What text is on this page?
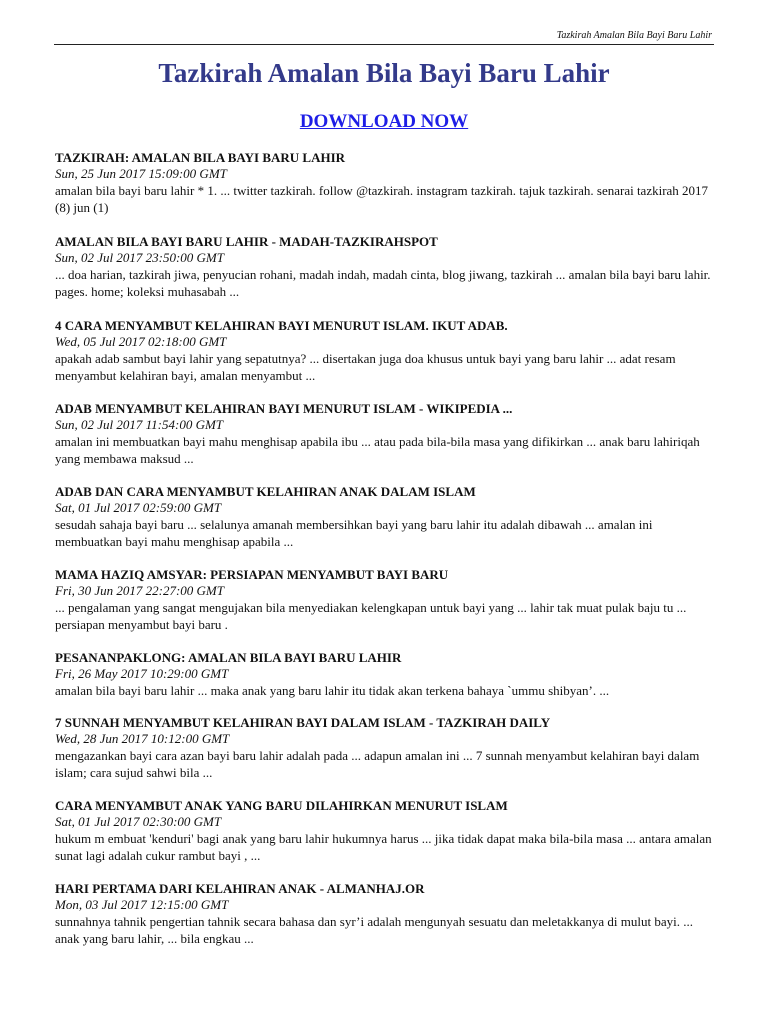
Tazkirah Amalan Bila Bayi Baru Lahir
Tazkirah Amalan Bila Bayi Baru Lahir
DOWNLOAD NOW
TAZKIRAH: AMALAN BILA BAYI BARU LAHIR
Sun, 25 Jun 2017 15:09:00 GMT
amalan bila bayi baru lahir * 1. ... twitter tazkirah. follow @tazkirah. instagram tazkirah. tajuk tazkirah. senarai tazkirah 2017 (8) jun (1)
AMALAN BILA BAYI BARU LAHIR - MADAH-TAZKIRAHSPOT
Sun, 02 Jul 2017 23:50:00 GMT
... doa harian, tazkirah jiwa, penyucian rohani, madah indah, madah cinta, blog jiwang, tazkirah ... amalan bila bayi baru lahir. pages. home; koleksi muhasabah ...
4 CARA MENYAMBUT KELAHIRAN BAYI MENURUT ISLAM. IKUT ADAB.
Wed, 05 Jul 2017 02:18:00 GMT
apakah adab sambut bayi lahir yang sepatutnya? ... disertakan juga doa khusus untuk bayi yang baru lahir ... adat resam menyambut kelahiran bayi, amalan menyambut ...
ADAB MENYAMBUT KELAHIRAN BAYI MENURUT ISLAM - WIKIPEDIA ...
Sun, 02 Jul 2017 11:54:00 GMT
amalan ini membuatkan bayi mahu menghisap apabila ibu ... atau pada bila-bila masa yang difikirkan ... anak baru lahiriqah yang membawa maksud ...
ADAB DAN CARA MENYAMBUT KELAHIRAN ANAK DALAM ISLAM
Sat, 01 Jul 2017 02:59:00 GMT
sesudah sahaja bayi baru ... selalunya amanah membersihkan bayi yang baru lahir itu adalah dibawah ... amalan ini membuatkan bayi mahu menghisap apabila ...
MAMA HAZIQ AMSYAR: PERSIAPAN MENYAMBUT BAYI BARU
Fri, 30 Jun 2017 22:27:00 GMT
... pengalaman yang sangat mengujakan bila menyediakan kelengkapan untuk bayi yang ... lahir tak muat pulak baju tu ... persiapan menyambut bayi baru .
PESANANPAKLONG: AMALAN BILA BAYI BARU LAHIR
Fri, 26 May 2017 10:29:00 GMT
amalan bila bayi baru lahir ... maka anak yang baru lahir itu tidak akan terkena bahaya `ummu shibyan’. ...
7 SUNNAH MENYAMBUT KELAHIRAN BAYI DALAM ISLAM - TAZKIRAH DAILY
Wed, 28 Jun 2017 10:12:00 GMT
mengazankan bayi cara azan bayi baru lahir adalah pada ... adapun amalan ini ... 7 sunnah menyambut kelahiran bayi dalam islam; cara sujud sahwi bila ...
CARA MENYAMBUT ANAK YANG BARU DILAHIRKAN MENURUT ISLAM
Sat, 01 Jul 2017 02:30:00 GMT
hukum m embuat 'kenduri' bagi anak yang baru lahir hukumnya harus ... jika tidak dapat maka bila-bila masa ... antara amalan sunat lagi adalah cukur rambut bayi , ...
HARI PERTAMA DARI KELAHIRAN ANAK - ALMANHAJ.OR
Mon, 03 Jul 2017 12:15:00 GMT
sunnahnya tahnik pengertian tahnik secara bahasa dan syr’i adalah mengunyah sesuatu dan meletakkanya di mulut bayi. ... anak yang baru lahir, ... bila engkau ...
